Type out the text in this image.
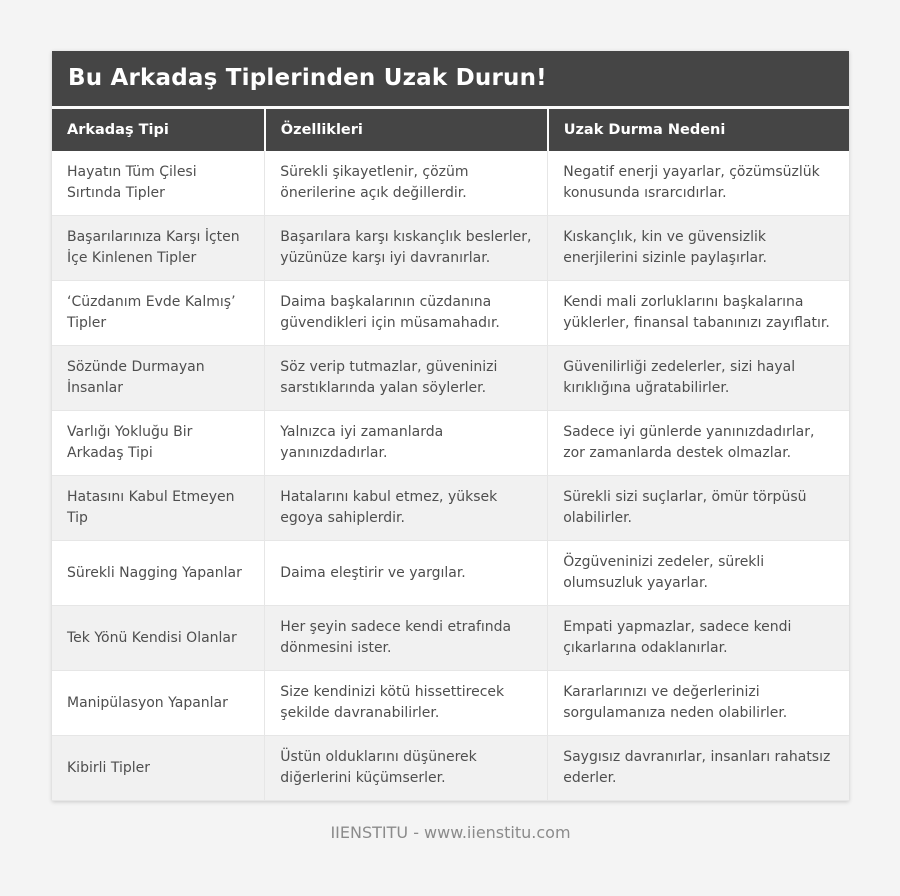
Bu Arkadaş Tiplerinden Uzak Durun!
Arkadaş Tipi	Özellikleri	Uzak Durma Nedeni
Hayatın Tüm Çilesi Sırtında Tipler	Sürekli şikayetlenir, çözüm önerilerine açık değillerdir.	Negatif enerji yayarlar, çözümsüzlük konusunda ısrarcıdırlar.
Başarılarınıza Karşı İçten İçe Kinlenen Tipler	Başarılara karşı kıskançlık beslerler, yüzünüze karşı iyi davranırlar.	Kıskançlık, kin ve güvensizlik enerjilerini sizinle paylaşırlar.
‘Cüzdanım Evde Kalmış’ Tipler	Daima başkalarının cüzdanına güvendikleri için müsamahadır.	Kendi mali zorluklarını başkalarına yüklerler, finansal tabanınızı zayıflatır.
Sözünde Durmayan İnsanlar	Söz verip tutmazlar, güveninizi sarstıklarında yalan söylerler.	Güvenilirliği zedelerler, sizi hayal kırıklığına uğratabilirler.
Varlığı Yokluğu Bir Arkadaş Tipi	Yalnızca iyi zamanlarda yanınızdadırlar.	Sadece iyi günlerde yanınızdadırlar, zor zamanlarda destek olmazlar.
Hatasını Kabul Etmeyen Tip	Hatalarını kabul etmez, yüksek egoya sahiplerdir.	Sürekli sizi suçlarlar, ömür törpüsü olabilirler.
Sürekli Nagging Yapanlar	Daima eleştirir ve yargılar.	Özgüveninizi zedeler, sürekli olumsuzluk yayarlar.
Tek Yönü Kendisi Olanlar	Her şeyin sadece kendi etrafında dönmesini ister.	Empati yapmazlar, sadece kendi çıkarlarına odaklanırlar.
Manipülasyon Yapanlar	Size kendinizi kötü hissettirecek şekilde davranabilirler.	Kararlarınızı ve değerlerinizi sorgulamanıza neden olabilirler.
Kibirli Tipler	Üstün olduklarını düşünerek diğerlerini küçümserler.	Saygısız davranırlar, insanları rahatsız ederler.
IIENSTITU - www.iienstitu.com
